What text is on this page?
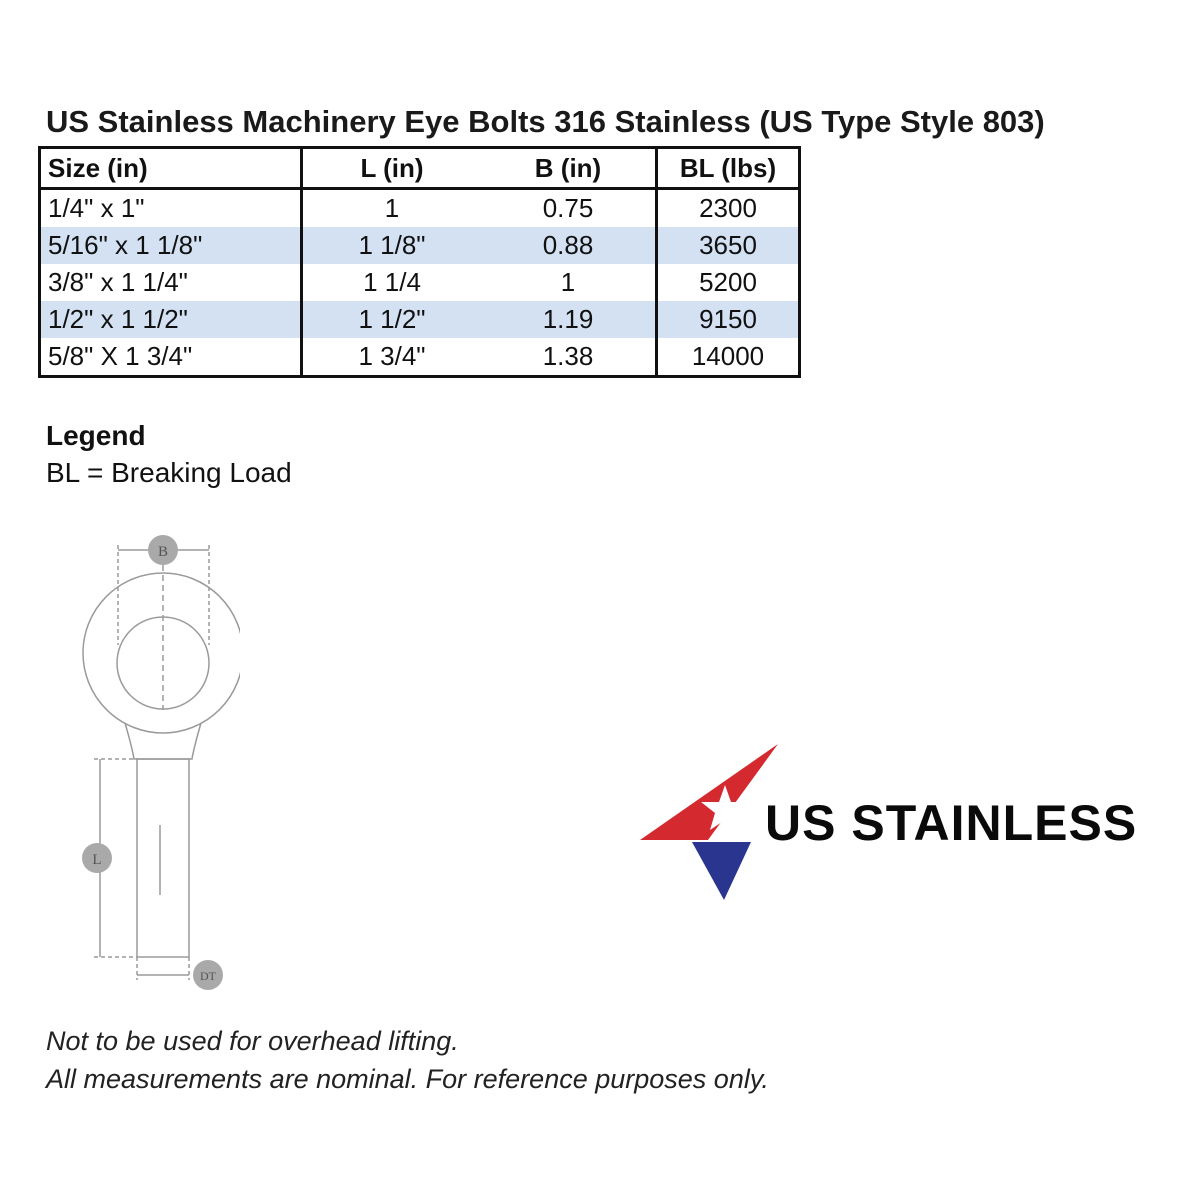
US Stainless Machinery Eye Bolts 316 Stainless (US Type Style 803)
Size (in)	L (in)	B (in)	BL (lbs)
1/4" x 1"	1	0.75	2300
5/16" x 1 1/8"	1 1/8"	0.88	3650
3/8" x 1 1/4"	1 1/4	1	5200
1/2" x 1 1/2"	1 1/2"	1.19	9150
5/8" X 1 3/4"	1 3/4"	1.38	14000
Legend
BL = Breaking Load
B
L
DT
US STAINLESS
Not to be used for overhead lifting.
All measurements are nominal. For reference purposes only.
